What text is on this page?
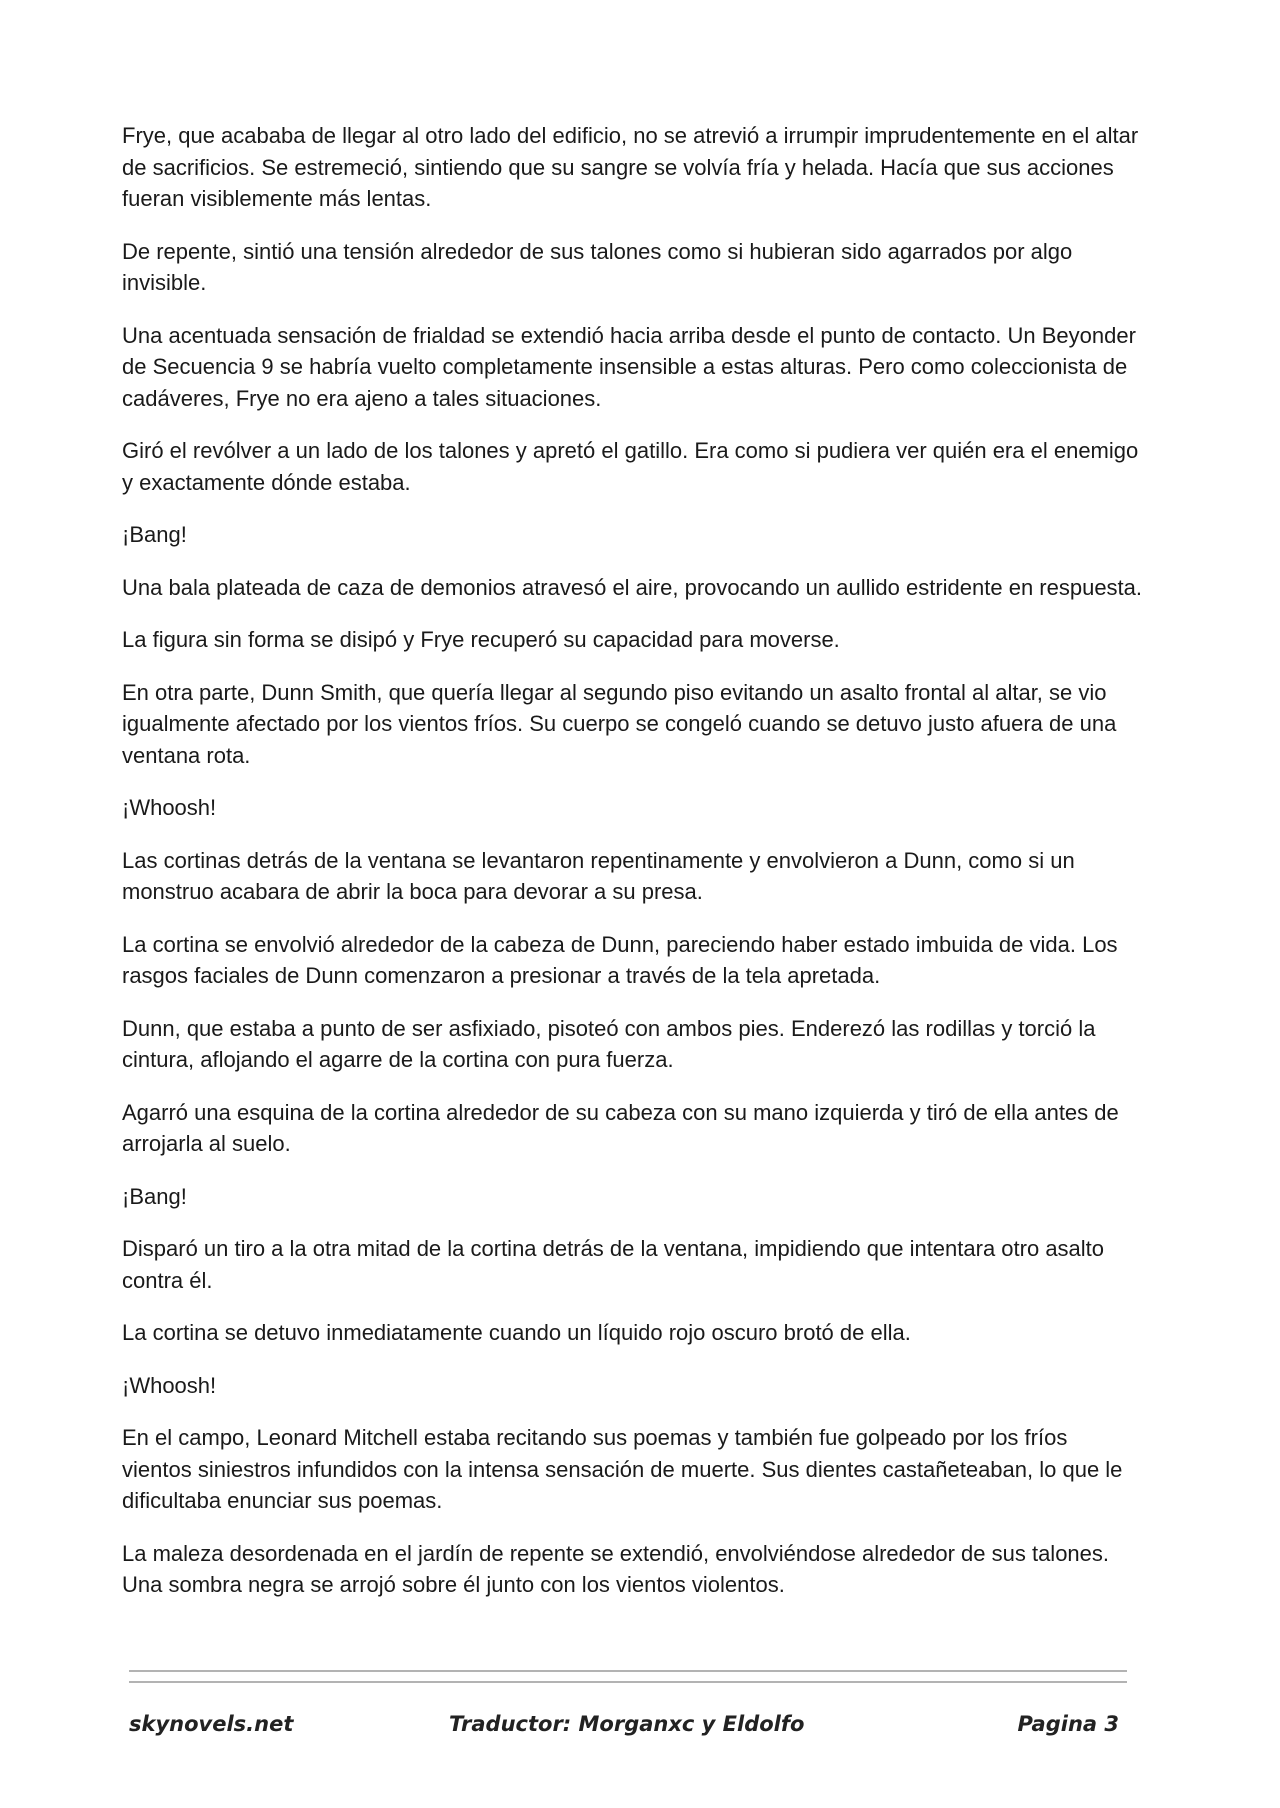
Frye, que acababa de llegar al otro lado del edificio, no se atrevió a irrumpir imprudentemente en el altar de sacrificios. Se estremeció, sintiendo que su sangre se volvía fría y helada. Hacía que sus acciones fueran visiblemente más lentas.

De repente, sintió una tensión alrededor de sus talones como si hubieran sido agarrados por algo invisible.

Una acentuada sensación de frialdad se extendió hacia arriba desde el punto de contacto. Un Beyonder de Secuencia 9 se habría vuelto completamente insensible a estas alturas. Pero como coleccionista de cadáveres, Frye no era ajeno a tales situaciones.

Giró el revólver a un lado de los talones y apretó el gatillo. Era como si pudiera ver quién era el enemigo y exactamente dónde estaba.

¡Bang!

Una bala plateada de caza de demonios atravesó el aire, provocando un aullido estridente en respuesta.

La figura sin forma se disipó y Frye recuperó su capacidad para moverse.

En otra parte, Dunn Smith, que quería llegar al segundo piso evitando un asalto frontal al altar, se vio igualmente afectado por los vientos fríos. Su cuerpo se congeló cuando se detuvo justo afuera de una ventana rota.

¡Whoosh!

Las cortinas detrás de la ventana se levantaron repentinamente y envolvieron a Dunn, como si un monstruo acabara de abrir la boca para devorar a su presa.

La cortina se envolvió alrededor de la cabeza de Dunn, pareciendo haber estado imbuida de vida. Los rasgos faciales de Dunn comenzaron a presionar a través de la tela apretada.

Dunn, que estaba a punto de ser asfixiado, pisoteó con ambos pies. Enderezó las rodillas y torció la cintura, aflojando el agarre de la cortina con pura fuerza.

Agarró una esquina de la cortina alrededor de su cabeza con su mano izquierda y tiró de ella antes de arrojarla al suelo.

¡Bang!

Disparó un tiro a la otra mitad de la cortina detrás de la ventana, impidiendo que intentara otro asalto contra él.

La cortina se detuvo inmediatamente cuando un líquido rojo oscuro brotó de ella.

¡Whoosh!

En el campo, Leonard Mitchell estaba recitando sus poemas y también fue golpeado por los fríos vientos siniestros infundidos con la intensa sensación de muerte. Sus dientes castañeteaban, lo que le dificultaba enunciar sus poemas.

La maleza desordenada en el jardín de repente se extendió, envolviéndose alrededor de sus talones. Una sombra negra se arrojó sobre él junto con los vientos violentos.

skynovels.net	Traductor: Morganxc y Eldolfo	Pagina 3
